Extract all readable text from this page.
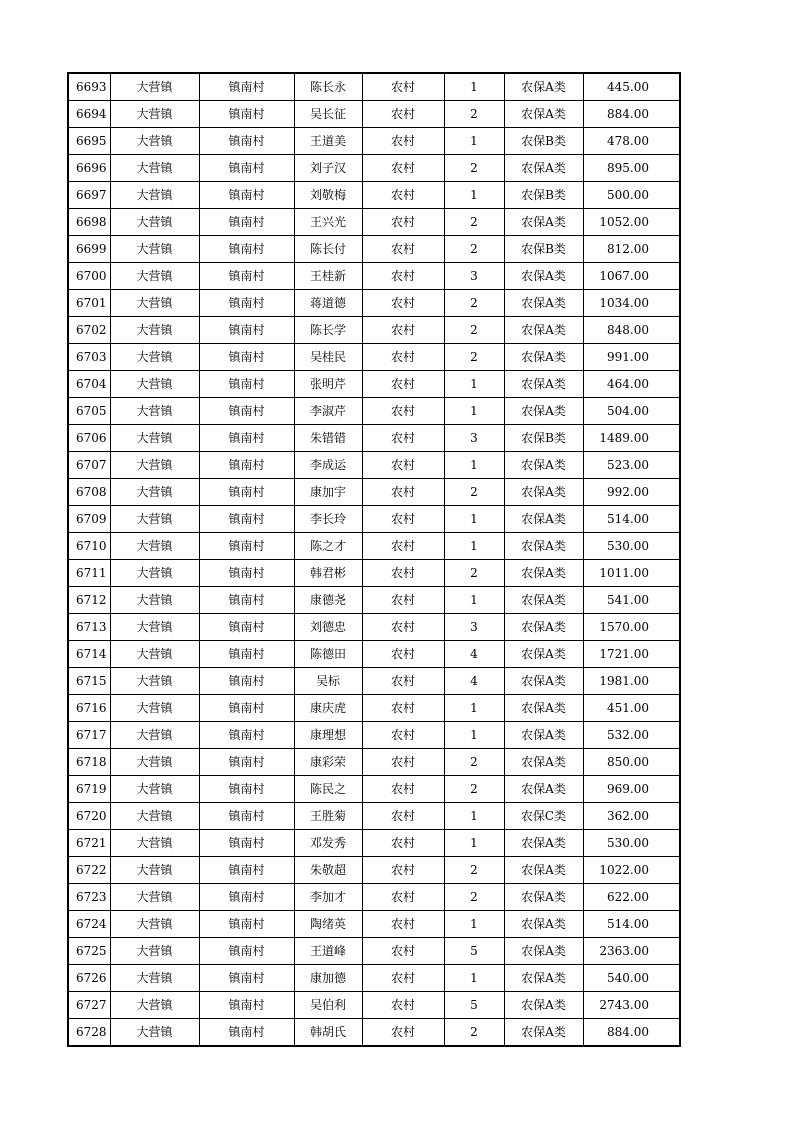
6693	大营镇	镇南村	陈长永	农村	1	农保A类	445.00
6694	大营镇	镇南村	吴长征	农村	2	农保A类	884.00
6695	大营镇	镇南村	王道美	农村	1	农保B类	478.00
6696	大营镇	镇南村	刘子汉	农村	2	农保A类	895.00
6697	大营镇	镇南村	刘敬梅	农村	1	农保B类	500.00
6698	大营镇	镇南村	王兴光	农村	2	农保A类	1052.00
6699	大营镇	镇南村	陈长付	农村	2	农保B类	812.00
6700	大营镇	镇南村	王桂新	农村	3	农保A类	1067.00
6701	大营镇	镇南村	蒋道德	农村	2	农保A类	1034.00
6702	大营镇	镇南村	陈长学	农村	2	农保A类	848.00
6703	大营镇	镇南村	吴桂民	农村	2	农保A类	991.00
6704	大营镇	镇南村	张明芹	农村	1	农保A类	464.00
6705	大营镇	镇南村	李淑芹	农村	1	农保A类	504.00
6706	大营镇	镇南村	朱错错	农村	3	农保B类	1489.00
6707	大营镇	镇南村	李成运	农村	1	农保A类	523.00
6708	大营镇	镇南村	康加宇	农村	2	农保A类	992.00
6709	大营镇	镇南村	李长玲	农村	1	农保A类	514.00
6710	大营镇	镇南村	陈之才	农村	1	农保A类	530.00
6711	大营镇	镇南村	韩君彬	农村	2	农保A类	1011.00
6712	大营镇	镇南村	康德尧	农村	1	农保A类	541.00
6713	大营镇	镇南村	刘德忠	农村	3	农保A类	1570.00
6714	大营镇	镇南村	陈德田	农村	4	农保A类	1721.00
6715	大营镇	镇南村	吴标	农村	4	农保A类	1981.00
6716	大营镇	镇南村	康庆虎	农村	1	农保A类	451.00
6717	大营镇	镇南村	康理想	农村	1	农保A类	532.00
6718	大营镇	镇南村	康彩荣	农村	2	农保A类	850.00
6719	大营镇	镇南村	陈民之	农村	2	农保A类	969.00
6720	大营镇	镇南村	王胜菊	农村	1	农保C类	362.00
6721	大营镇	镇南村	邓发秀	农村	1	农保A类	530.00
6722	大营镇	镇南村	朱敬超	农村	2	农保A类	1022.00
6723	大营镇	镇南村	李加才	农村	2	农保A类	622.00
6724	大营镇	镇南村	陶绪英	农村	1	农保A类	514.00
6725	大营镇	镇南村	王道峰	农村	5	农保A类	2363.00
6726	大营镇	镇南村	康加德	农村	1	农保A类	540.00
6727	大营镇	镇南村	吴伯利	农村	5	农保A类	2743.00
6728	大营镇	镇南村	韩胡氏	农村	2	农保A类	884.00
